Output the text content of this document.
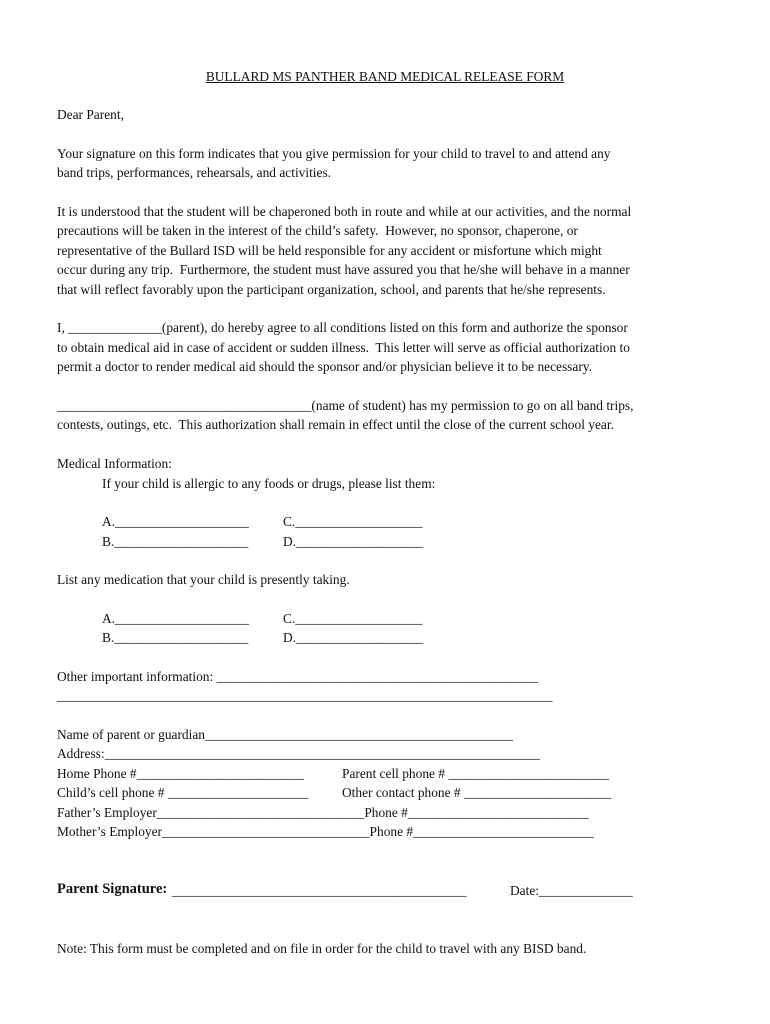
BULLARD MS PANTHER BAND MEDICAL RELEASE FORM
Dear Parent,
Your signature on this form indicates that you give permission for your child to travel to and attend any
band trips, performances, rehearsals, and activities.
It is understood that the student will be chaperoned both in route and while at our activities, and the normal
precautions will be taken in the interest of the child’s safety.  However, no sponsor, chaperone, or
representative of the Bullard ISD will be held responsible for any accident or misfortune which might
occur during any trip.  Furthermore, the student must have assured you that he/she will behave in a manner
that will reflect favorably upon the participant organization, school, and parents that he/she represents.
I, ______________(parent), do hereby agree to all conditions listed on this form and authorize the sponsor
to obtain medical aid in case of accident or sudden illness.  This letter will serve as official authorization to
permit a doctor to render medical aid should the sponsor and/or physician believe it to be necessary.
______________________________________(name of student) has my permission to go on all band trips,
contests, outings, etc.  This authorization shall remain in effect until the close of the current school year.
Medical Information:
If your child is allergic to any foods or drugs, please list them:
A.____________________	C.___________________
B.____________________	D.___________________
List any medication that your child is presently taking.
A.____________________	C.___________________
B.____________________	D.___________________
Other important information: ________________________________________________
__________________________________________________________________________
Name of parent or guardian______________________________________________
Address:_________________________________________________________________
Home Phone #_________________________	Parent cell phone # ________________________
Child’s cell phone # _____________________	Other contact phone # ______________________
Father’s Employer_______________________________Phone #___________________________
Mother’s Employer_______________________________Phone #___________________________
Parent Signature: ____________________________________________	Date:______________
Note: This form must be completed and on file in order for the child to travel with any BISD band.
